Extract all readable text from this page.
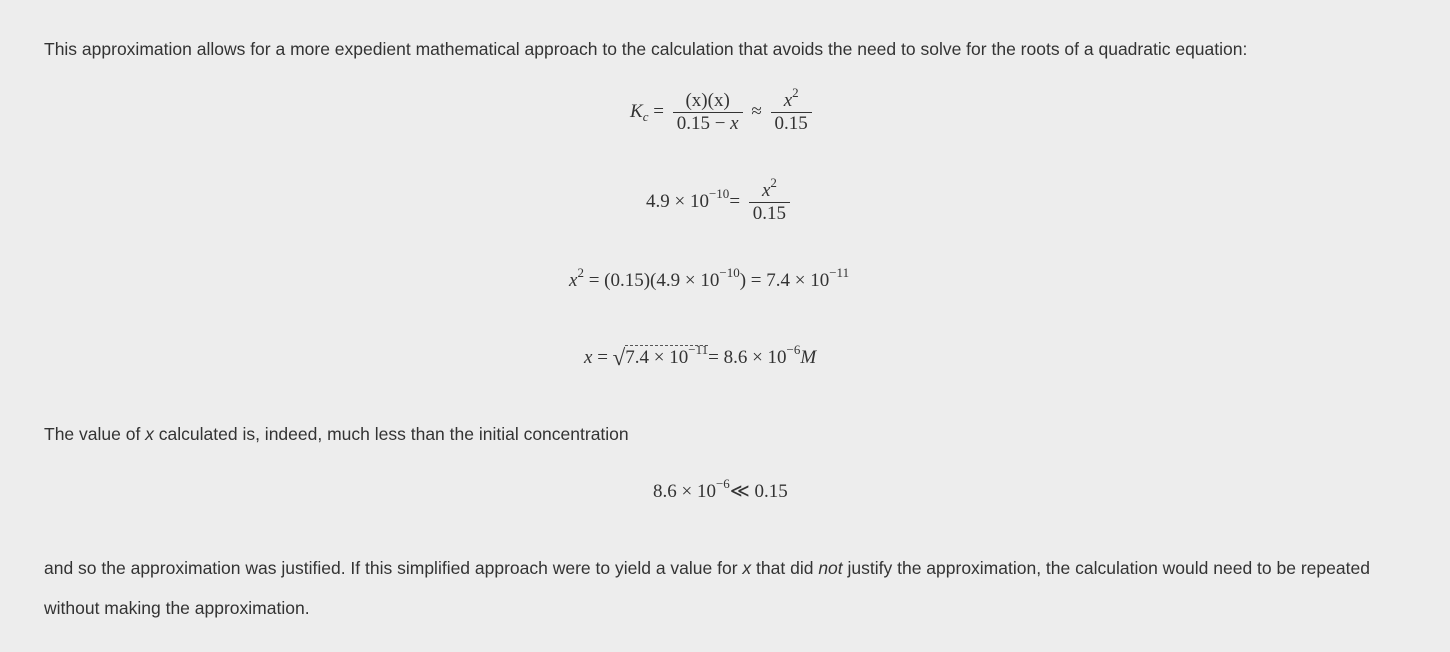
This approximation allows for a more expedient mathematical approach to the calculation that avoids the need to solve for the roots of a quadratic equation:

$K_c = \frac{(x)(x)}{0.15 - x} \approx \frac{x^2}{0.15}$
$4.9 \times 10^{-10}= \frac{x^2}{0.15}$
$x^2 = (0.15)(4.9 \times 10^{-10}) = 7.4 \times 10^{-11}$
$x = √7.4 \times 10^{-11}= 8.6 \times 10^{-6}M$

The value of x calculated is, indeed, much less than the initial concentration

$8.6 \times 10^{-6}≪$ 0.15

and so the approximation was justified. If this simplified approach were to yield a value for x that did not justify the approximation, the calculation would need to be repeated without making the approximation.
